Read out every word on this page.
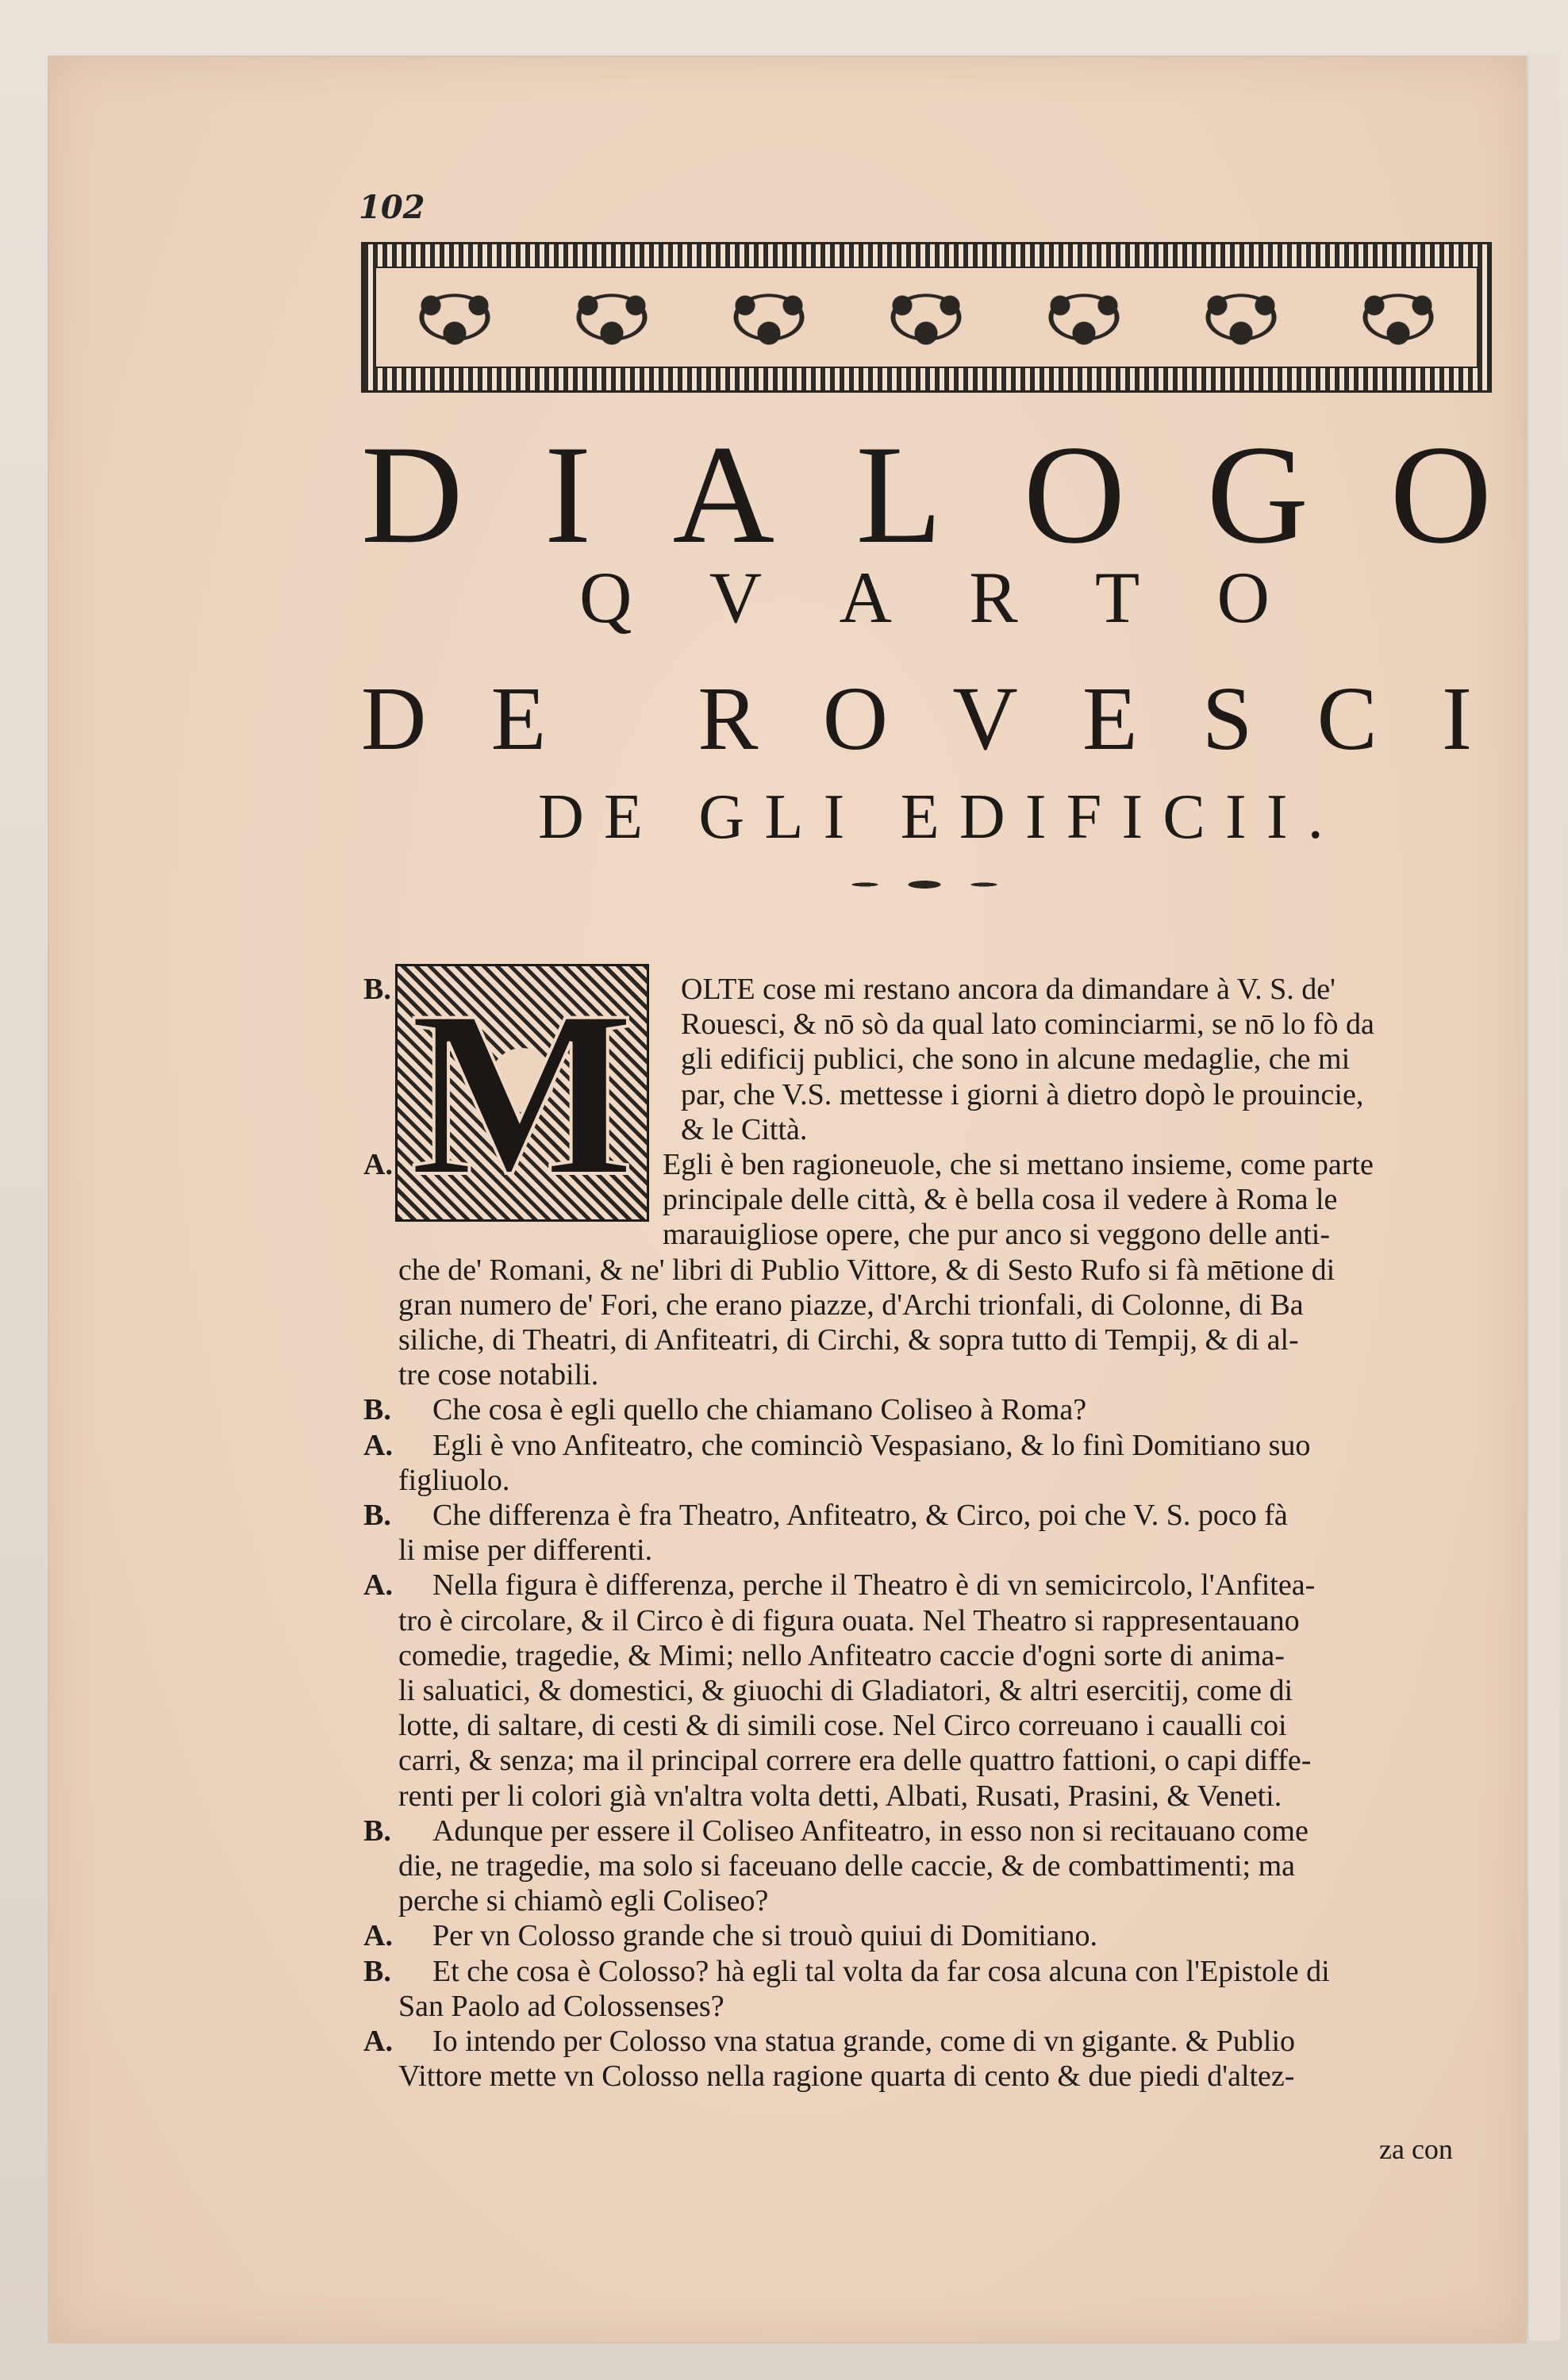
102
D I A L O G O
Q V A R T O
D E
R O V E S C I
D E
G L I
E D I F I C I I .
M
B.	OLTE cose mi restano ancora da dimandare à V. S. de'
Rouesci, & nō sò da qual lato cominciarmi, se nō lo fò da
gli edificij publici, che sono in alcune medaglie, che mi
par, che V.S. mettesse i giorni à dietro dopò le prouincie,
& le Città.
A.	Egli è ben ragioneuole, che si mettano insieme, come parte
principale delle città, & è bella cosa il vedere à Roma le
marauigliose opere, che pur anco si veggono delle anti-
che de' Romani, & ne' libri di Publio Vittore, & di Sesto Rufo si fà mētione di
gran numero de' Fori, che erano piazze, d'Archi trionfali, di Colonne, di Ba
siliche, di Theatri, di Anfiteatri, di Circhi, & sopra tutto di Tempij, & di al-
tre cose notabili.
B. Che cosa è egli quello che chiamano Coliseo à Roma?
A. Egli è vno Anfiteatro, che cominciò Vespasiano, & lo finì Domitiano suo
figliuolo.
B. Che differenza è fra Theatro, Anfiteatro, & Circo, poi che V. S. poco fà
li mise per differenti.
A. Nella figura è differenza, perche il Theatro è di vn semicircolo, l'Anfitea-
tro è circolare, & il Circo è di figura ouata. Nel Theatro si rappresentauano
comedie, tragedie, & Mimi; nello Anfiteatro caccie d'ogni sorte di anima-
li saluatici, & domestici, & giuochi di Gladiatori, & altri esercitij, come di
lotte, di saltare, di cesti & di simili cose. Nel Circo correuano i caualli coi
carri, & senza; ma il principal correre era delle quattro fattioni, o capi diffe-
renti per li colori già vn'altra volta detti, Albati, Rusati, Prasini, & Veneti.
B. Adunque per essere il Coliseo Anfiteatro, in esso non si recitauano come
die, ne tragedie, ma solo si faceuano delle caccie, & de combattimenti; ma
perche si chiamò egli Coliseo?
A. Per vn Colosso grande che si trouò quiui di Domitiano.
B. Et che cosa è Colosso? hà egli tal volta da far cosa alcuna con l'Epistole di
San Paolo ad Colossenses?
A. Io intendo per Colosso vna statua grande, come di vn gigante. & Publio
Vittore mette vn Colosso nella ragione quarta di cento & due piedi d'altez-
za con
